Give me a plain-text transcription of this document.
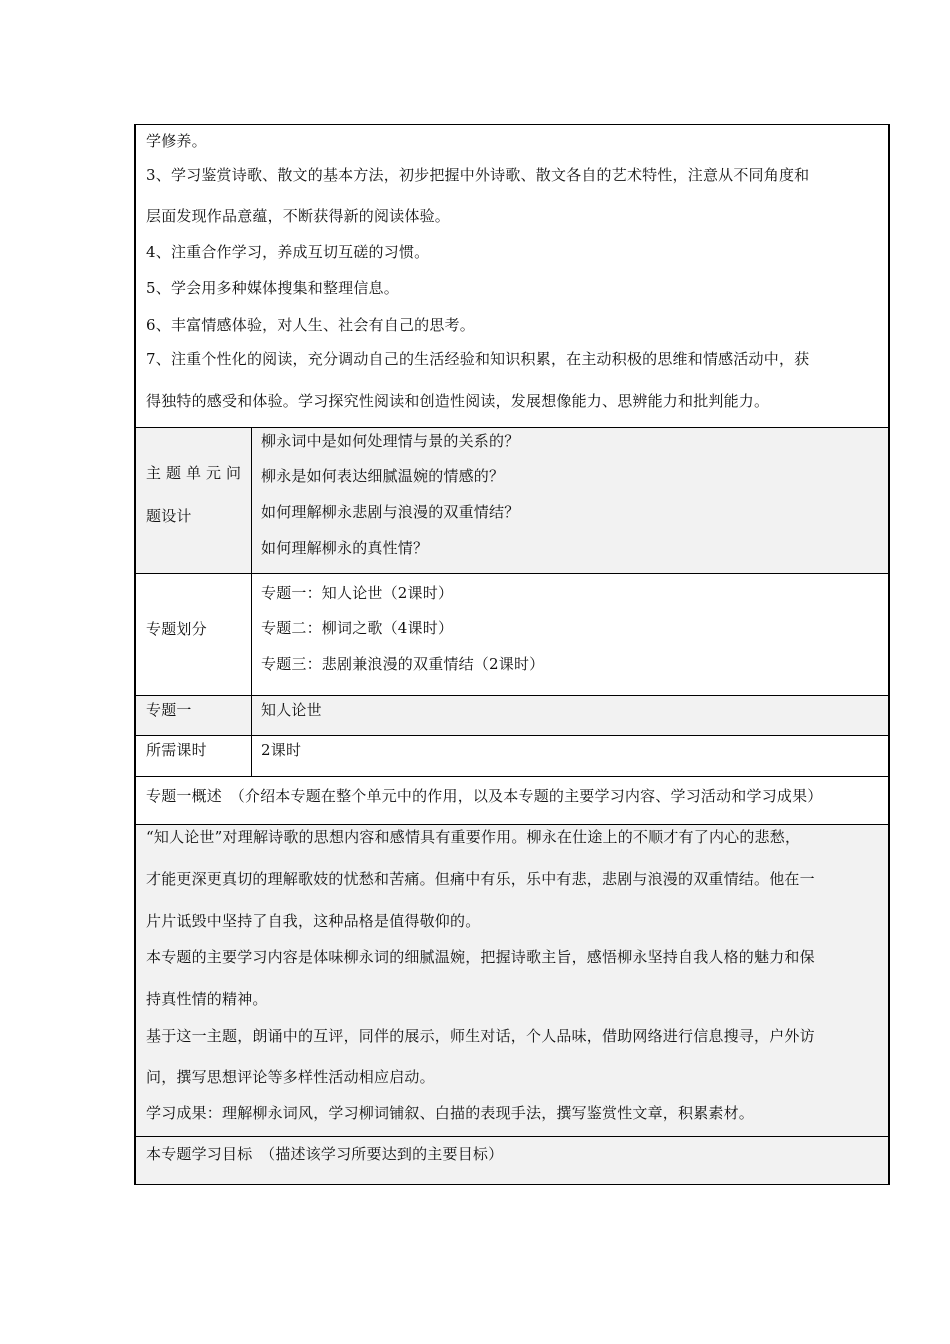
学修养。
3、学习鉴赏诗歌、散文的基本方法，初步把握中外诗歌、散文各自的艺术特性，注意从不同角度和
层面发现作品意蕴，不断获得新的阅读体验。
4、注重合作学习，养成互切互磋的习惯。
5、学会用多种媒体搜集和整理信息。
6、丰富情感体验，对人生、社会有自己的思考。
7、注重个性化的阅读，充分调动自己的生活经验和知识积累，在主动积极的思维和情感活动中，获
得独特的感受和体验。学习探究性阅读和创造性阅读，发展想像能力、思辨能力和批判能力。
主题单元问
题设计
柳永词中是如何处理情与景的关系的？
柳永是如何表达细腻温婉的情感的？
如何理解柳永悲剧与浪漫的双重情结？
如何理解柳永的真性情？
专题划分
专题一：知人论世（2课时）
专题二：柳词之歌（4课时）
专题三：悲剧兼浪漫的双重情结（2课时）
专题一	知人论世
所需课时	2课时
专题一概述　（介绍本专题在整个单元中的作用，以及本专题的主要学习内容、学习活动和学习成果）
“知人论世”对理解诗歌的思想内容和感情具有重要作用。柳永在仕途上的不顺才有了内心的悲愁，
才能更深更真切的理解歌妓的忧愁和苦痛。但痛中有乐，乐中有悲，悲剧与浪漫的双重情结。他在一
片片诋毁中坚持了自我，这种品格是值得敬仰的。
本专题的主要学习内容是体味柳永词的细腻温婉，把握诗歌主旨，感悟柳永坚持自我人格的魅力和保
持真性情的精神。
基于这一主题，朗诵中的互评，同伴的展示，师生对话，个人品味，借助网络进行信息搜寻，户外访
问，撰写思想评论等多样性活动相应启动。
学习成果：理解柳永词风，学习柳词铺叙、白描的表现手法，撰写鉴赏性文章，积累素材。
本专题学习目标　（描述该学习所要达到的主要目标）
